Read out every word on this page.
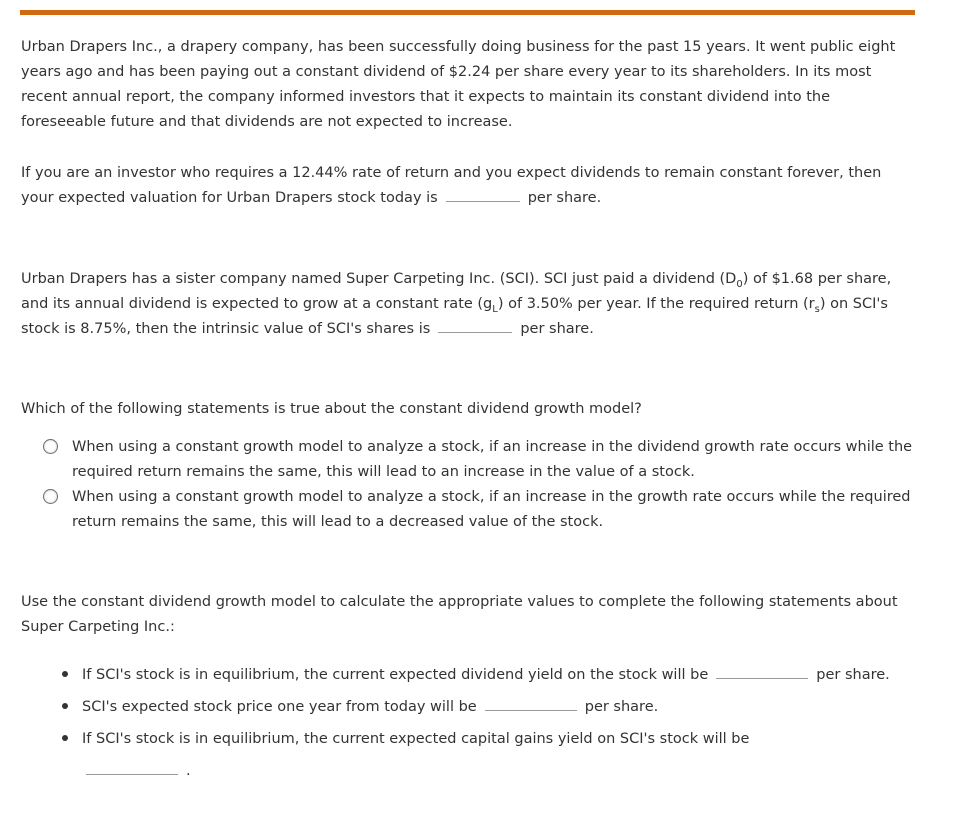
Urban Drapers Inc., a drapery company, has been successfully doing business for the past 15 years. It went public eight years ago and has been paying out a constant dividend of $2.24 per share every year to its shareholders. In its most recent annual report, the company informed investors that it expects to maintain its constant dividend into the foreseeable future and that dividends are not expected to increase.

If you are an investor who requires a 12.44% rate of return and you expect dividends to remain constant forever, then your expected valuation for Urban Drapers stock today is	per share.

Urban Drapers has a sister company named Super Carpeting Inc. (SCI). SCI just paid a dividend $(D_0)$ of $1.68 per share, and its annual dividend is expected to grow at a constant rate $(g_L)$ of 3.50% per year. If the required return $(r_s)$ on SCI's stock is 8.75%, then the intrinsic value of SCI's shares is	per share.

Which of the following statements is true about the constant dividend growth model?

When using a constant growth model to analyze a stock, if an increase in the dividend growth rate occurs while the required return remains the same, this will lead to an increase in the value of a stock.
When using a constant growth model to analyze a stock, if an increase in the growth rate occurs while the required return remains the same, this will lead to a decreased value of the stock.

Use the constant dividend growth model to calculate the appropriate values to complete the following statements about Super Carpeting Inc.:

If SCI's stock is in equilibrium, the current expected dividend yield on the stock will be	per share.
SCI's expected stock price one year from today will be	per share.
If SCI's stock is in equilibrium, the current expected capital gains yield on SCI's stock will be
.
